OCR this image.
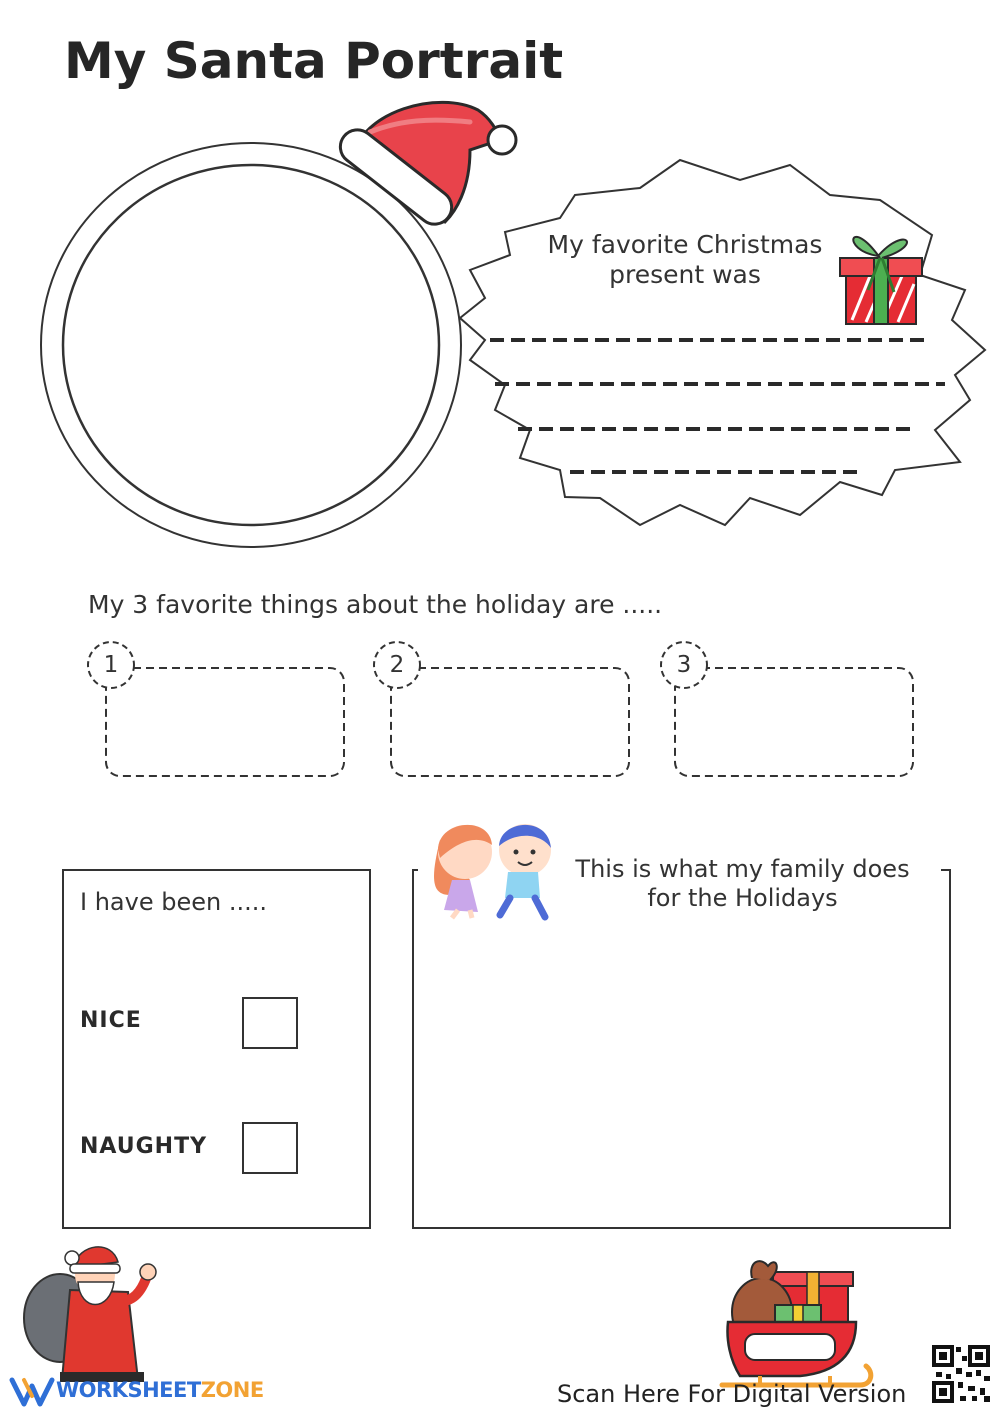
My Santa Portrait
My favorite Christmas
present was
My 3 favorite things about the holiday are .....
1	2	3
I have been .....
NICE
NAUGHTY
This is what my family does
for the Holidays
WORKSHEETZONE	Scan Here For Digital Version
